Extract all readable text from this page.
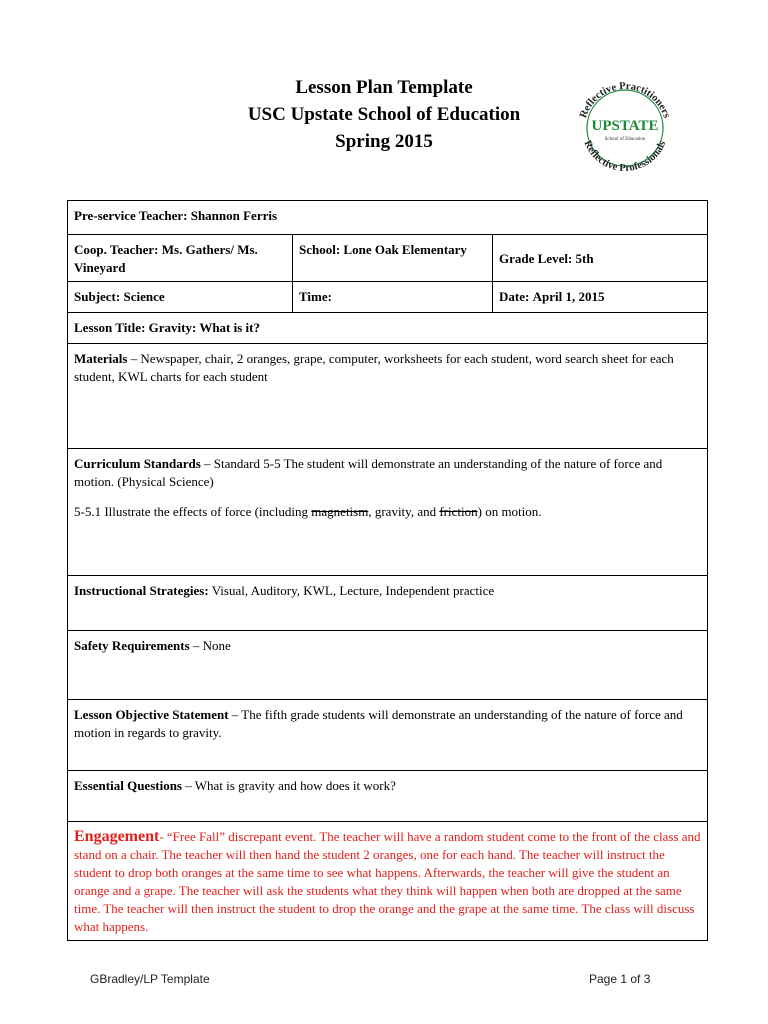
Lesson Plan Template
USC Upstate School of Education
Spring 2015
Reflective Practitioners
Reflective Professionals
UPSTATE
School of Education
Pre-service Teacher: Shannon Ferris		
Coop. Teacher: Ms. Gathers/ Ms. Vineyard	School: Lone Oak Elementary	Grade Level: 5th
Subject: Science	Time:	Date: April 1, 2015
Lesson Title: Gravity: What is it?		
Materials – Newspaper, chair, 2 oranges, grape, computer, worksheets for each student, word search sheet for each student, KWL charts for each student		
Curriculum Standards – Standard 5-5 The student will demonstrate an understanding of the nature of force and motion. (Physical Science)
5-5.1 Illustrate the effects of force (including magnetism, gravity, and friction) on motion.		

Instructional Strategies: Visual, Auditory, KWL, Lecture, Independent practice		
Safety Requirements – None		
Lesson Objective Statement – The fifth grade students will demonstrate an understanding of the nature of force and motion in regards to gravity.		
Essential Questions – What is gravity and how does it work?		
Engagement- “Free Fall” discrepant event. The teacher will have a random student come to the front of the class and stand on a chair. The teacher will then hand the student 2 oranges, one for each hand. The teacher will instruct the student to drop both oranges at the same time to see what happens. Afterwards, the teacher will give the student an orange and a grape. The teacher will ask the students what they think will happen when both are dropped at the same time. The teacher will then instruct the student to drop the orange and the grape at the same time. The class will discuss what happens.		
GBradley/LP Template	Page 1 of 3
